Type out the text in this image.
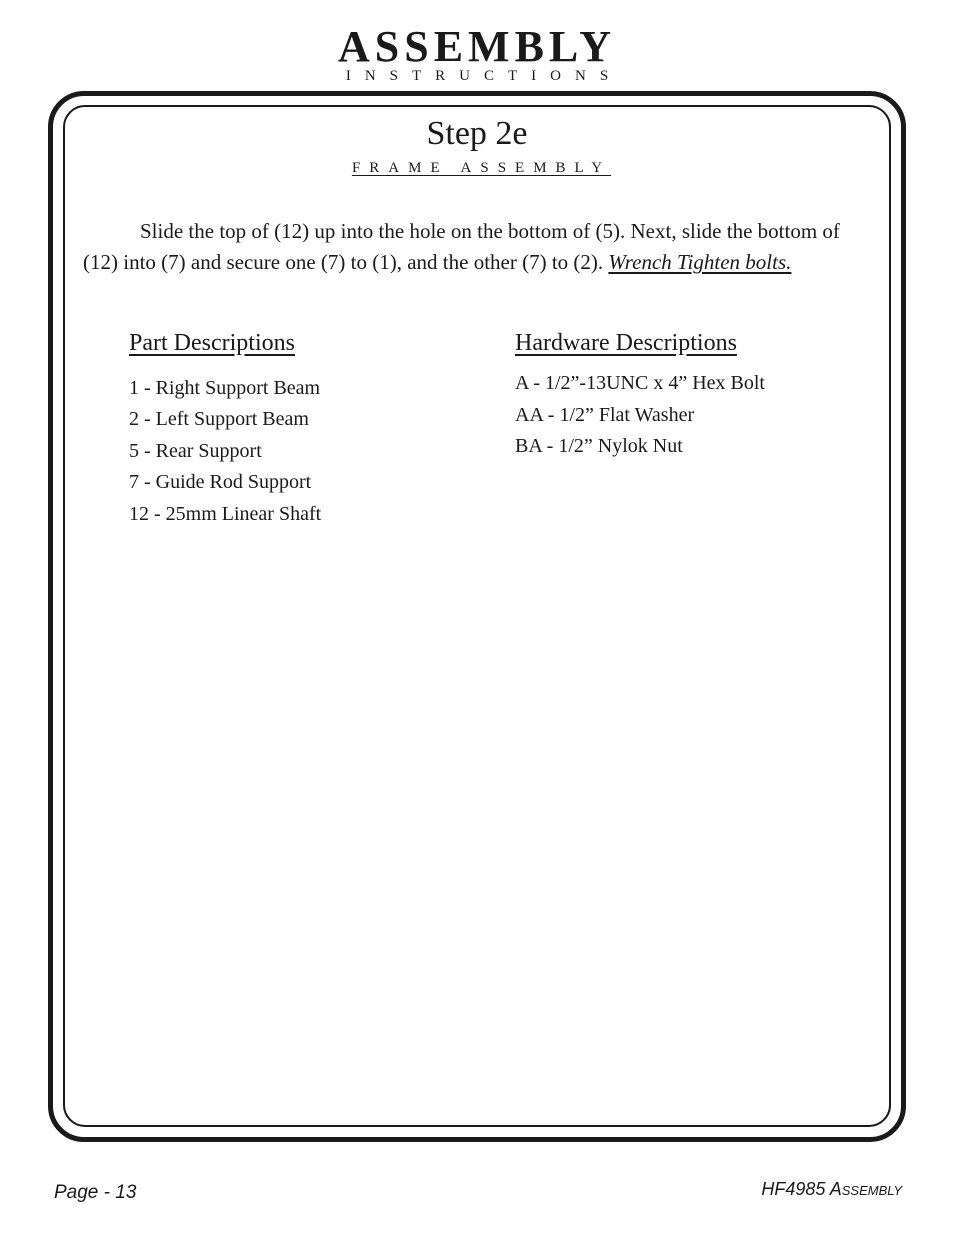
ASSEMBLY
INSTRUCTIONS
Step 2e
FRAME ASSEMBLY

Slide the top of (12) up into the hole on the bottom of (5). Next, slide the bottom of (12) into (7) and secure one (7) to (1), and the other (7) to (2). Wrench Tighten bolts.

Part Descriptions
1 - Right Support Beam
2 - Left Support Beam
5 - Rear Support
7 - Guide Rod Support
12 - 25mm Linear Shaft
Hardware Descriptions
A - 1/2”-13UNC x 4” Hex Bolt
AA - 1/2” Flat Washer
BA - 1/2” Nylok Nut
Page - 13	HF4985 ASSEMBLY
